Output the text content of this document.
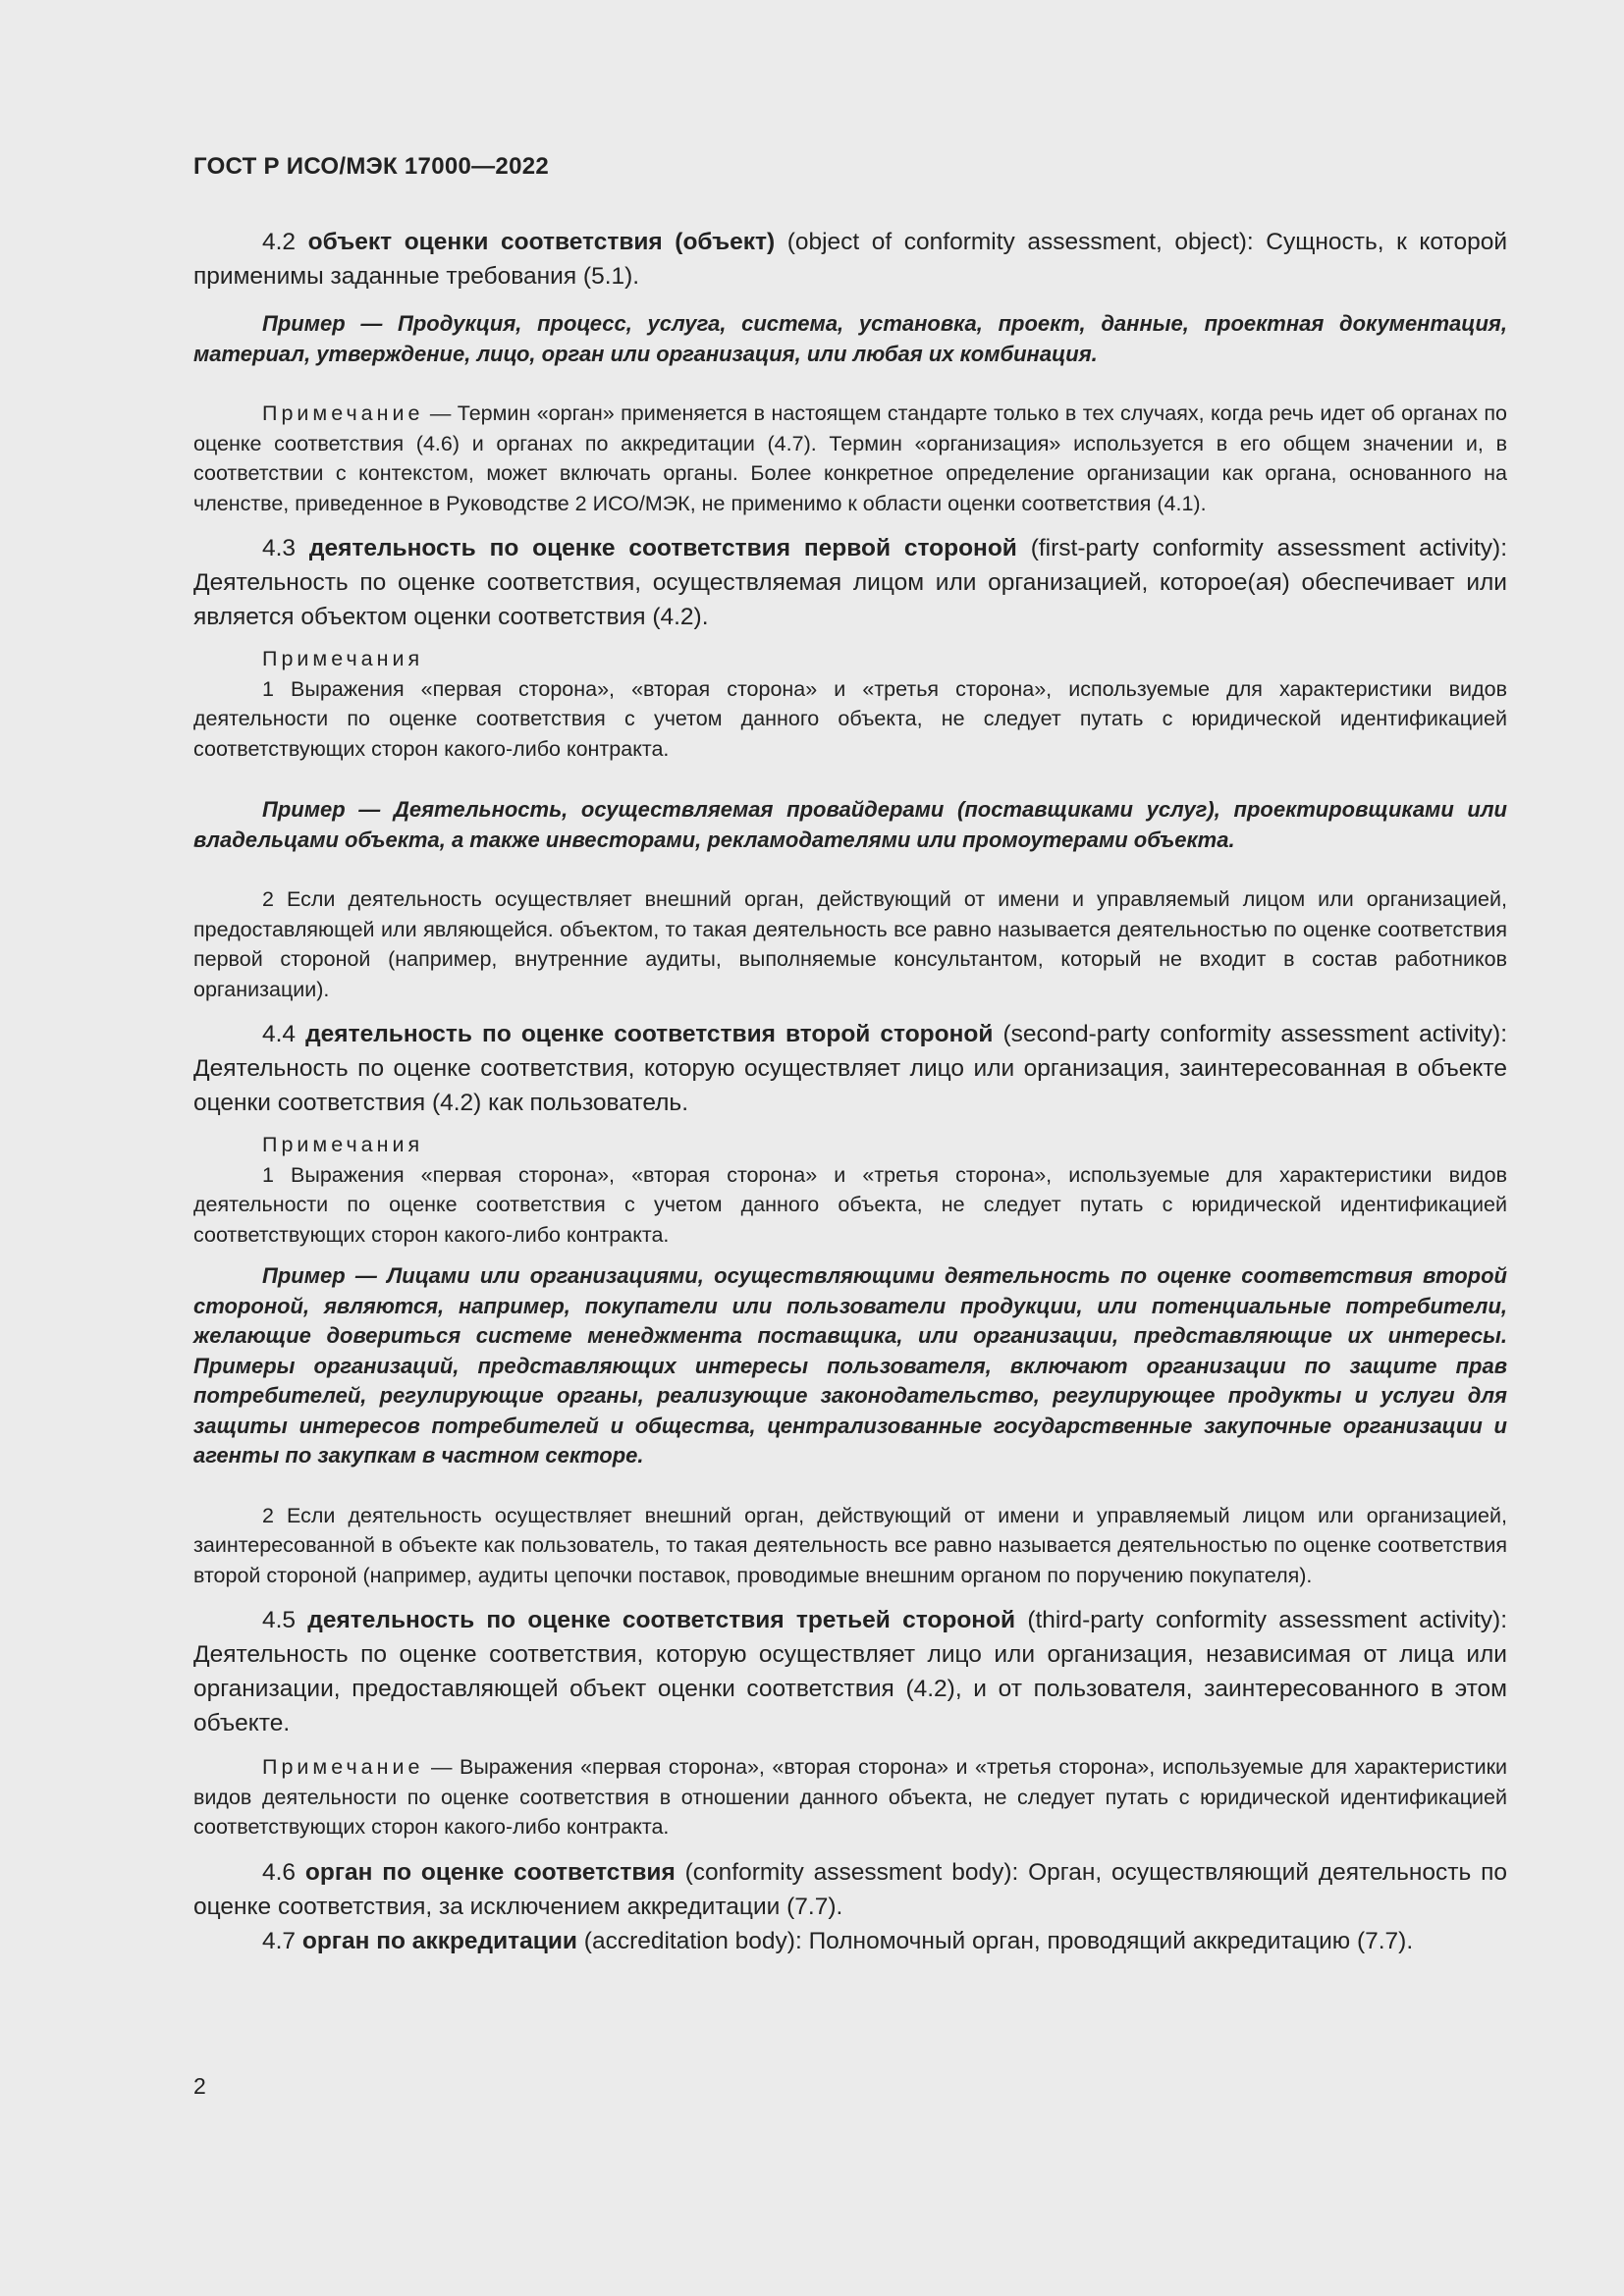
ГОСТ Р ИСО/МЭК 17000—2022

4.2 объект оценки соответствия (объект) (object of conformity assessment, object): Сущность, к которой применимы заданные требования (5.1).

Пример — Продукция, процесс, услуга, система, установка, проект, данные, проектная документация, материал, утверждение, лицо, орган или организация, или любая их комбинация.

Примечание — Термин «орган» применяется в настоящем стандарте только в тех случаях, когда речь идет об органах по оценке соответствия (4.6) и органах по аккредитации (4.7). Термин «организация» используется в его общем значении и, в соответствии с контекстом, может включать органы. Более конкретное определение организации как органа, основанного на членстве, приведенное в Руководстве 2 ИСО/МЭК, не применимо к области оценки соответствия (4.1).

4.3 деятельность по оценке соответствия первой стороной (first-party conformity assessment activity): Деятельность по оценке соответствия, осуществляемая лицом или организацией, которое(ая) обеспечивает или является объектом оценки соответствия (4.2).

Примечания

1 Выражения «первая сторона», «вторая сторона» и «третья сторона», используемые для характеристики видов деятельности по оценке соответствия с учетом данного объекта, не следует путать с юридической идентификацией соответствующих сторон какого-либо контракта.

Пример — Деятельность, осуществляемая провайдерами (поставщиками услуг), проектировщиками или владельцами объекта, а также инвесторами, рекламодателями или промоутерами объекта.

2 Если деятельность осуществляет внешний орган, действующий от имени и управляемый лицом или организацией, предоставляющей или являющейся. объектом, то такая деятельность все равно называется деятельностью по оценке соответствия первой стороной (например, внутренние аудиты, выполняемые консультантом, который не входит в состав работников организации).

4.4 деятельность по оценке соответствия второй стороной (second-party conformity assessment activity): Деятельность по оценке соответствия, которую осуществляет лицо или организация, заинтересованная в объекте оценки соответствия (4.2) как пользователь.

Примечания

1 Выражения «первая сторона», «вторая сторона» и «третья сторона», используемые для характеристики видов деятельности по оценке соответствия с учетом данного объекта, не следует путать с юридической идентификацией соответствующих сторон какого-либо контракта.

Пример — Лицами или организациями, осуществляющими деятельность по оценке соответствия второй стороной, являются, например, покупатели или пользователи продукции, или потенциальные потребители, желающие довериться системе менеджмента поставщика, или организации, представляющие их интересы. Примеры организаций, представляющих интересы пользователя, включают организации по защите прав потребителей, регулирующие органы, реализующие законодательство, регулирующее продукты и услуги для защиты интересов потребителей и общества, централизованные государственные закупочные организации и агенты по закупкам в частном секторе.

2 Если деятельность осуществляет внешний орган, действующий от имени и управляемый лицом или организацией, заинтересованной в объекте как пользователь, то такая деятельность все равно называется деятельностью по оценке соответствия второй стороной (например, аудиты цепочки поставок, проводимые внешним органом по поручению покупателя).

4.5 деятельность по оценке соответствия третьей стороной (third-party conformity assessment activity): Деятельность по оценке соответствия, которую осуществляет лицо или организация, независимая от лица или организации, предоставляющей объект оценки соответствия (4.2), и от пользователя, заинтересованного в этом объекте.

Примечание — Выражения «первая сторона», «вторая сторона» и «третья сторона», используемые для характеристики видов деятельности по оценке соответствия в отношении данного объекта, не следует путать с юридической идентификацией соответствующих сторон какого-либо контракта.

4.6 орган по оценке соответствия (conformity assessment body): Орган, осуществляющий деятельность по оценке соответствия, за исключением аккредитации (7.7).

4.7 орган по аккредитации (accreditation body): Полномочный орган, проводящий аккредитацию (7.7).

2
